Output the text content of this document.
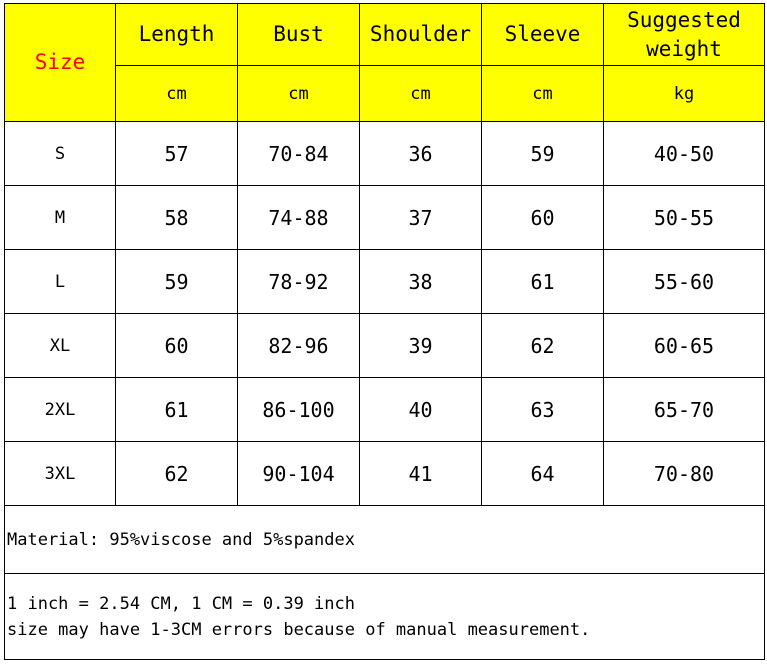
Size	Length	Bust	Shoulder	Sleeve	Suggested
weight

	cm	cm	cm	cm	kg
S	57	70-84	36	59	40-50
M	58	74-88	37	60	50-55
L	59	78-92	38	61	55-60
XL	60	82-96	39	62	60-65
2XL	61	86-100	40	63	65-70
3XL	62	90-104	41	64	70-80
Material: 95%viscose and 5%spandex					

1 inch = 2.54 CM, 1 CM = 0.39 inch
size may have 1-3CM errors because of manual measurement.					
